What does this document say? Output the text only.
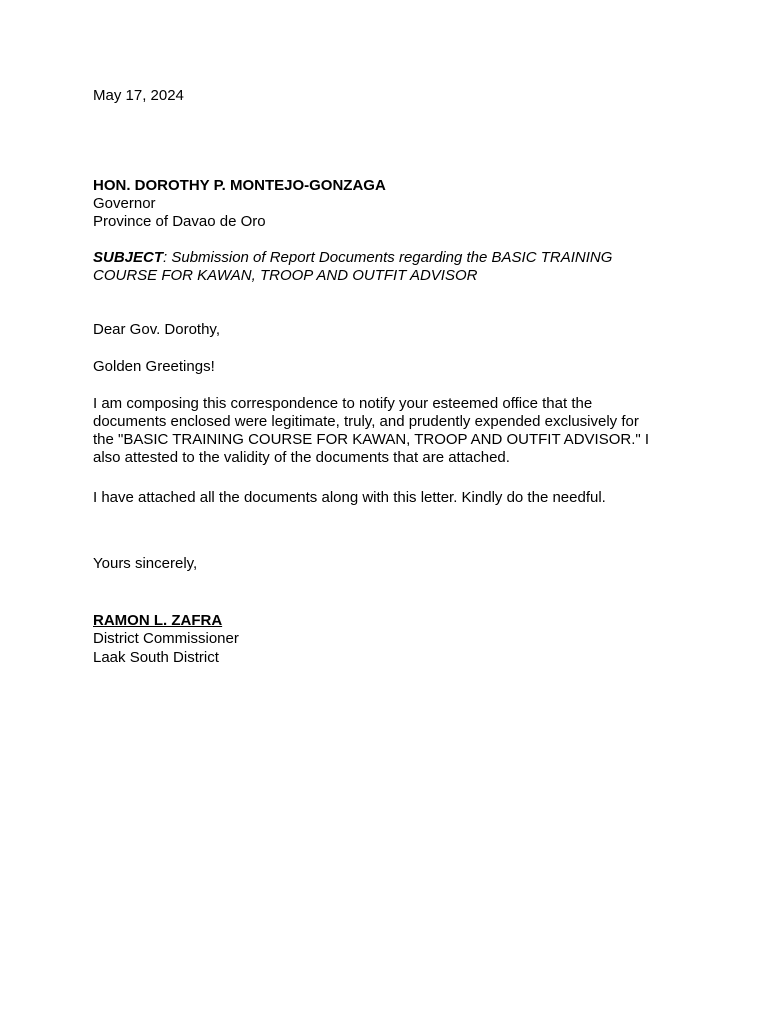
May 17, 2024

HON. DOROTHY P. MONTEJO-GONZAGA

Governor

Province of Davao de Oro

SUBJECT: Submission of Report Documents regarding the BASIC TRAINING

COURSE FOR KAWAN, TROOP AND OUTFIT ADVISOR

Dear Gov. Dorothy,

Golden Greetings!

I am composing this correspondence to notify your esteemed office that the
documents enclosed were legitimate, truly, and prudently expended exclusively for
the "BASIC TRAINING COURSE FOR KAWAN, TROOP AND OUTFIT ADVISOR." I
also attested to the validity of the documents that are attached.

I have attached all the documents along with this letter. Kindly do the needful.

Yours sincerely,

RAMON L. ZAFRA

District Commissioner

Laak South District
